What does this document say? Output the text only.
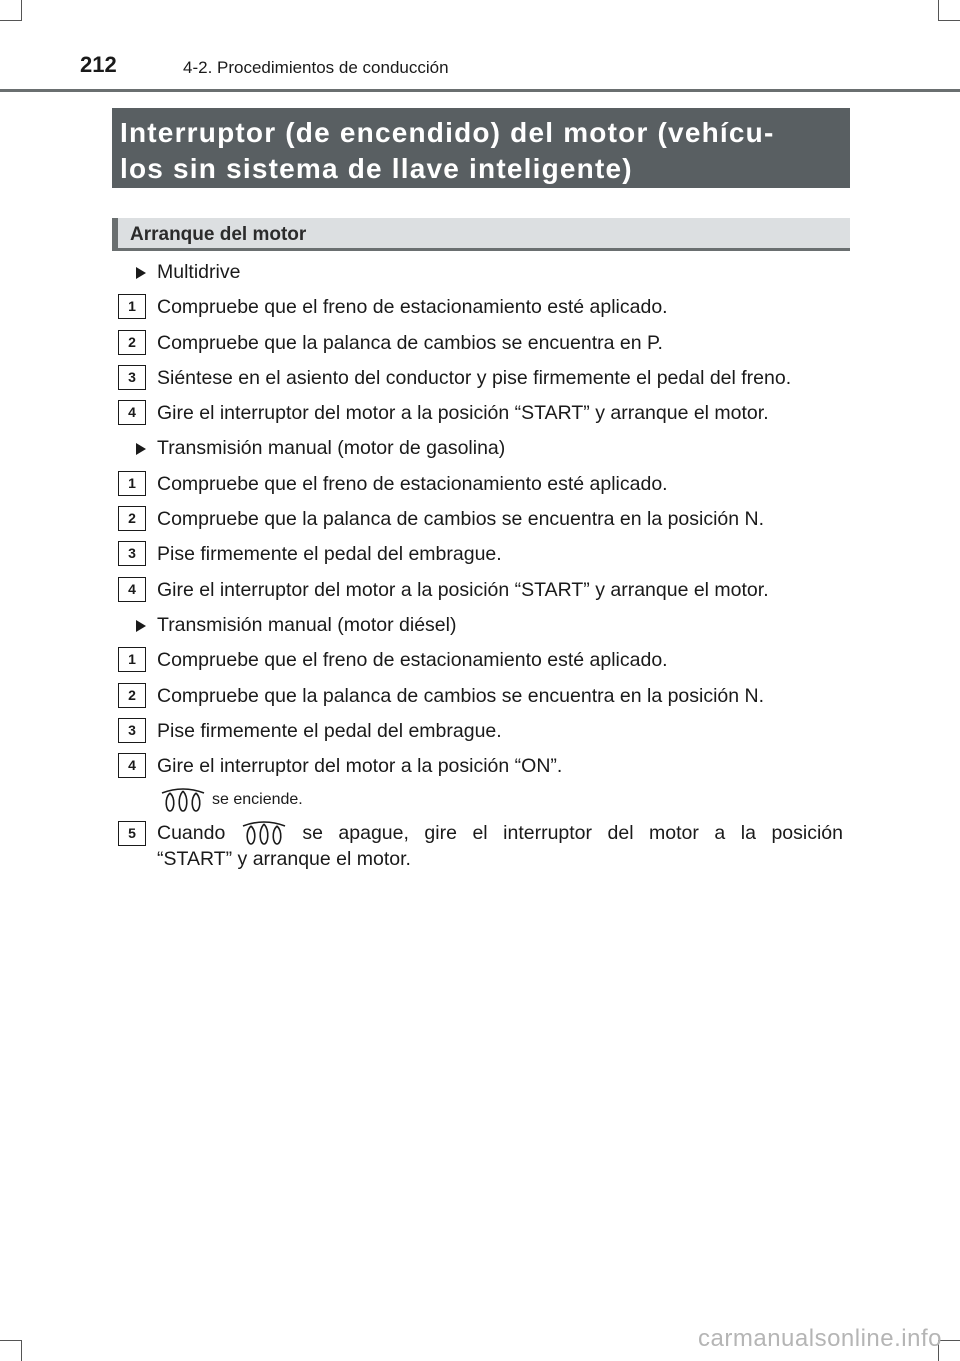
212	4-2. Procedimientos de conducción
Interruptor (de encendido) del motor (vehícu-
los sin sistema de llave inteligente)
Arranque del motor
Multidrive
1	Compruebe que el freno de estacionamiento esté aplicado.
2	Compruebe que la palanca de cambios se encuentra en P.
3	Siéntese en el asiento del conductor y pise firmemente el pedal del freno.
4	Gire el interruptor del motor a la posición “START” y arranque el motor.
Transmisión manual (motor de gasolina)
1	Compruebe que el freno de estacionamiento esté aplicado.
2	Compruebe que la palanca de cambios se encuentra en la posición N.
3	Pise firmemente el pedal del embrague.
4	Gire el interruptor del motor a la posición “START” y arranque el motor.
Transmisión manual (motor diésel)
1	Compruebe que el freno de estacionamiento esté aplicado.
2	Compruebe que la palanca de cambios se encuentra en la posición N.
3	Pise firmemente el pedal del embrague.
4	Gire el interruptor del motor a la posición “ON”.
se enciende.
5	Cuando	se apague, gire el interruptor del motor a la posición
“START” y arranque el motor.
carmanualsonline.info
